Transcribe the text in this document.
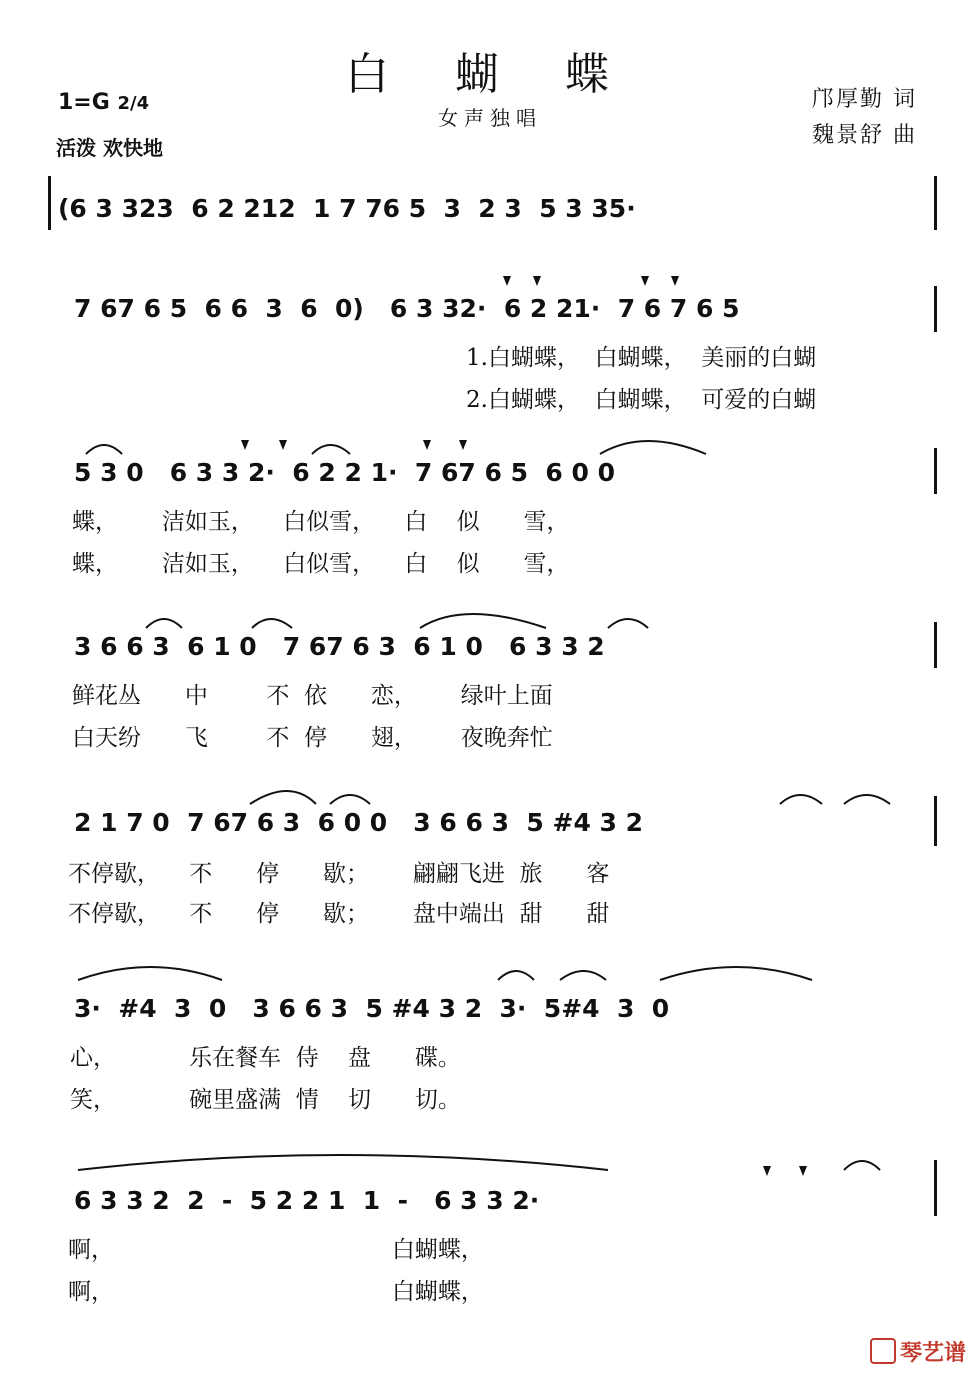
白 蝴 蝶
女声独唱
1=G 2/4
活泼 欢快地
邝厚勤 词
魏景舒 曲
(6 3 323  6 2 212  1 7 76 5  3  2 3  5 3 35·
7 67 6 5  6 6  3  6  0)   6 3 32·  6 2 21·  7 6 7 6 5
1.白蝴蝶，  白蝴蝶，  美丽的白蝴
2.白蝴蝶，  白蝴蝶，  可爱的白蝴
5 3 0   6 3 3 2·  6 2 2 1·  7 67 6 5  6 0 0
蝶，      洁如玉，    白似雪，    白    似      雪，
蝶，      洁如玉，    白似雪，    白    似      雪，
3 6 6 3  6 1 0   7 67 6 3  6 1 0   6 3 3 2
鲜花丛      中        不  依      恋，      绿叶上面
白天纷      飞        不  停      翅，      夜晚奔忙
2 1 7 0  7 67 6 3  6 0 0   3 6 6 3  5 #4 3 2
不停歇，    不      停      歇；      翩翩飞进  旅      客
不停歇，    不      停      歇；      盘中端出  甜      甜
3·  #4  3  0   3 6 6 3  5 #4 3 2  3·  5#4  3  0
心，          乐在餐车  侍    盘      碟。
笑，          碗里盛满  情    切      切。
6 3 3 2  2  -  5 2 2 1  1  -   6 3 3 2·
啊，                                      白蝴蝶，
啊，                                      白蝴蝶，
琴艺谱
